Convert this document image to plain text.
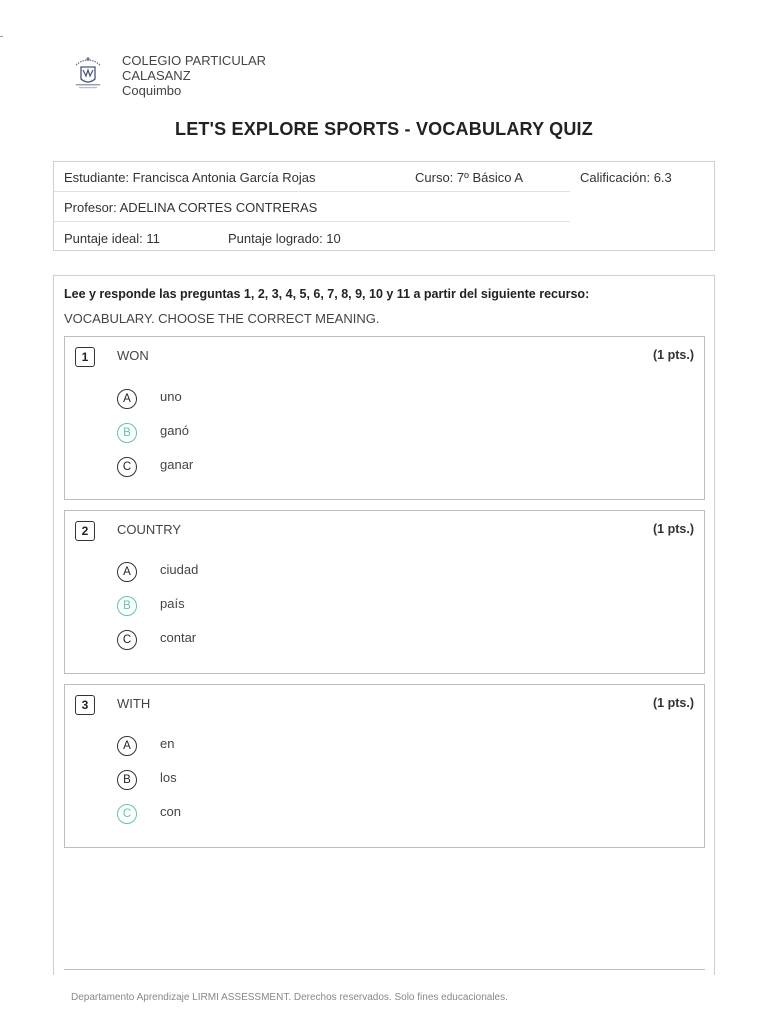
COLEGIO PARTICULAR
CALASANZ
Coquimbo
LET'S EXPLORE SPORTS - VOCABULARY QUIZ
Estudiante: Francisca Antonia García Rojas	Curso: 7º Básico A	Calificación: 6.3
Profesor: ADELINA CORTES CONTRERAS
Puntaje ideal: 11	Puntaje logrado: 10
Lee y responde las preguntas 1, 2, 3, 4, 5, 6, 7, 8, 9, 10 y 11 a partir del siguiente recurso:
VOCABULARY. CHOOSE THE CORRECT MEANING.
1	WON	(1 pts.)
A	uno
B	ganó
C	ganar
2	COUNTRY	(1 pts.)
A	ciudad
B	país
C	contar
3	WITH	(1 pts.)
A	en
B	los
C	con
Departamento Aprendizaje LIRMI ASSESSMENT. Derechos reservados. Solo fines educacionales.
